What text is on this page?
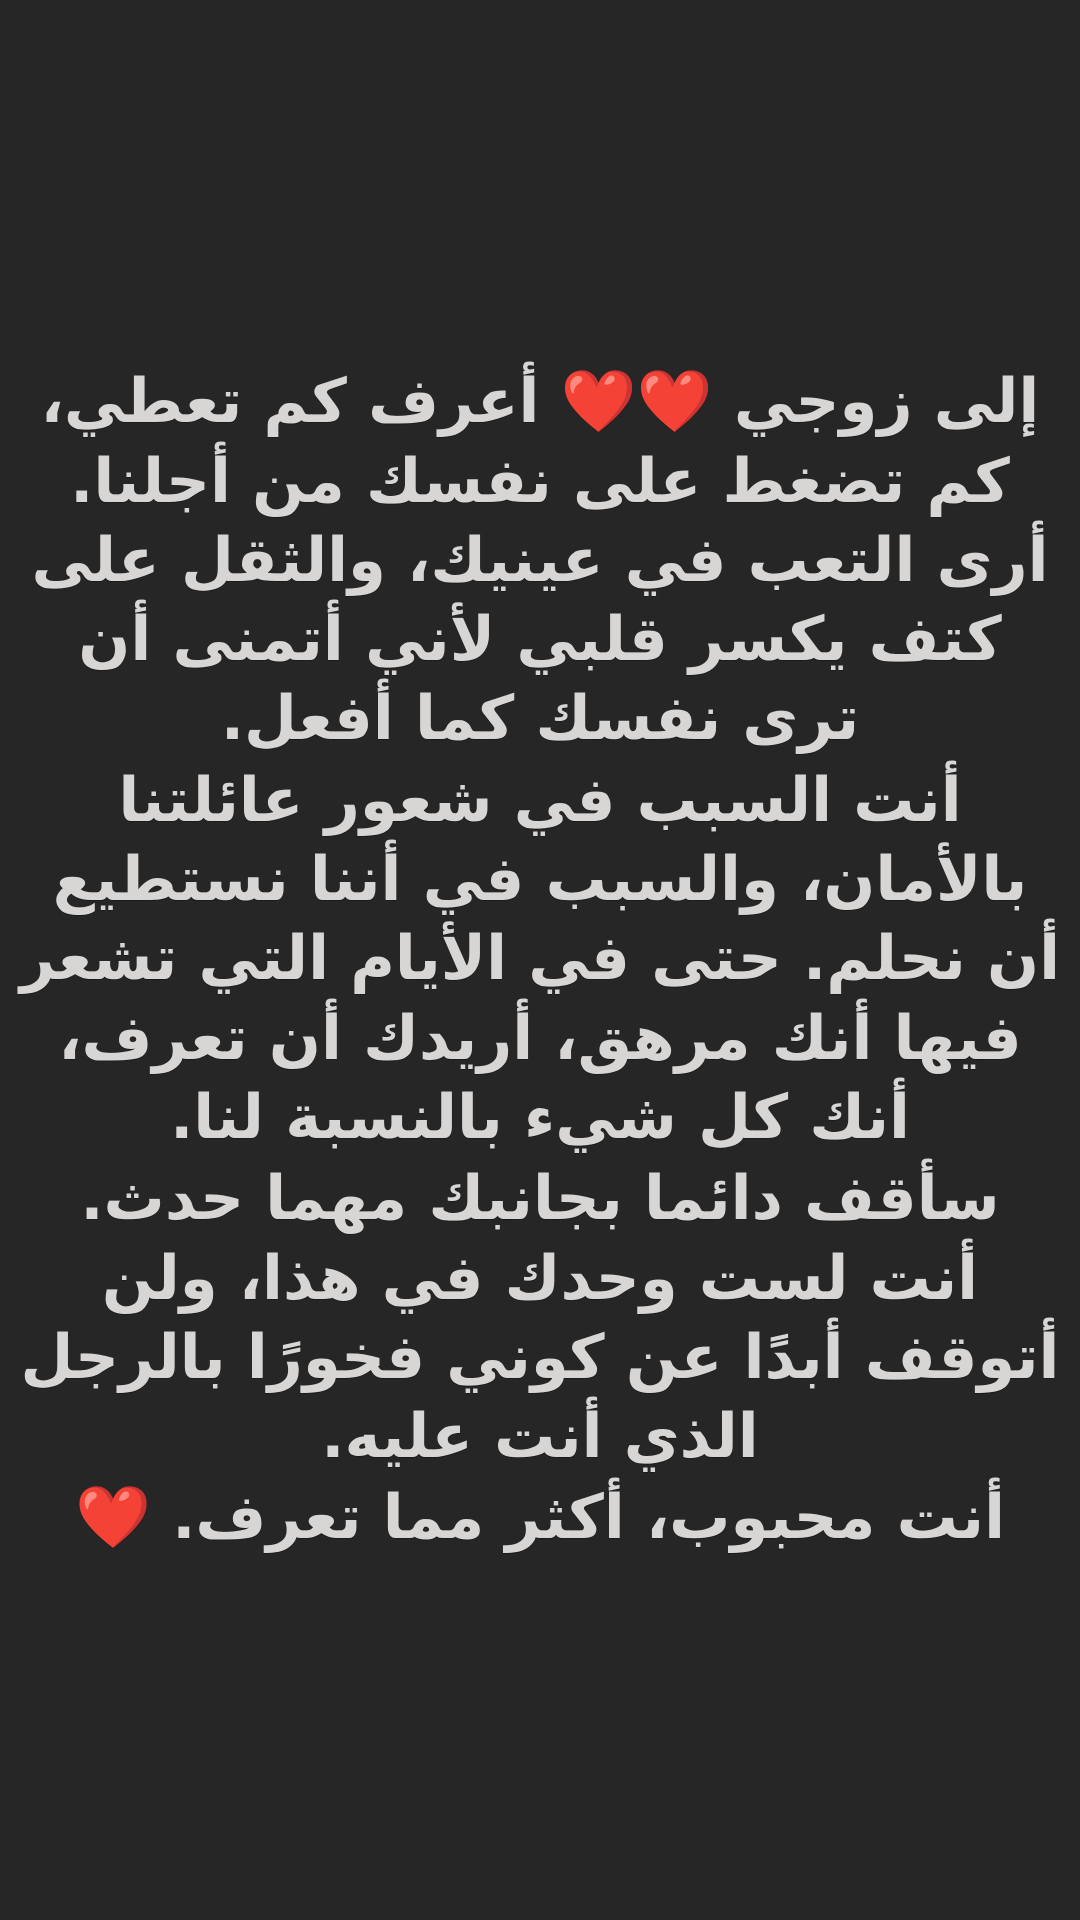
إلى زوجي ❤️❤️ أعرف كم تعطي، كم تضغط على نفسك من أجلنا. أرى التعب في عينيك، والثقل على كتف يكسر قلبي لأني أتمنى أن ترى نفسك كما أفعل.

أنت السبب في شعور عائلتنا بالأمان، والسبب في أننا نستطيع أن نحلم. حتى في الأيام التي تشعر فيها أنك مرهق، أريدك أن تعرف، أنك كل شيء بالنسبة لنا.

سأقف دائما بجانبك مهما حدث. أنت لست وحدك في هذا، ولن أتوقف أبدًا عن كوني فخورًا بالرجل الذي أنت عليه.

أنت محبوب، أكثر مما تعرف. ❤️
